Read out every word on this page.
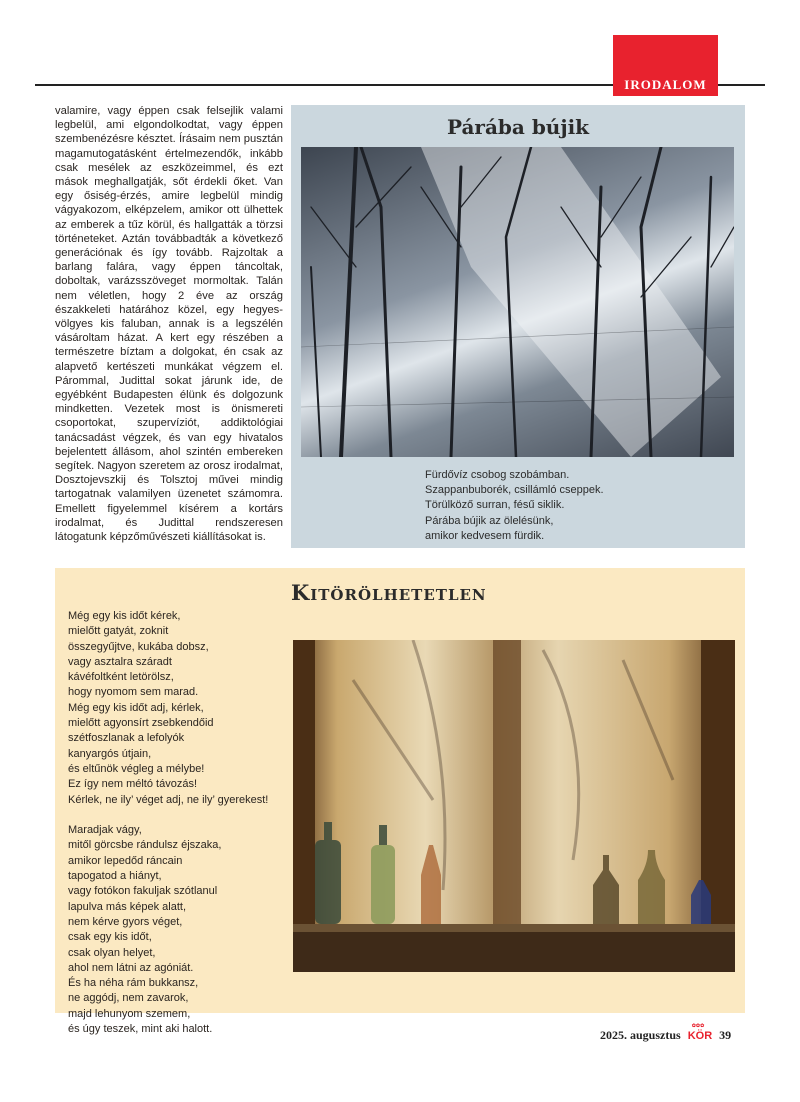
IRODALOM
valamire, vagy éppen csak felsejlik valami legbelül, ami elgondolkodtat, vagy éppen szembenézésre késztet. Írásaim nem pusztán magamutogatásként értelmezendők, inkább csak mesélek az eszközeimmel, és ezt mások meghallgatják, sőt érdekli őket. Van egy ősiség-érzés, amire legbelül mindig vágyakozom, elképzelem, amikor ott ülhettek az emberek a tűz körül, és hallgatták a törzsi történeteket. Aztán továbbadták a következő generációnak és így tovább. Rajzoltak a barlang falára, vagy éppen táncoltak, doboltak, varázsszöveget mormoltak. Talán nem véletlen, hogy 2 éve az ország északkeleti határához közel, egy hegyes-völgyes kis faluban, annak is a legszélén vásároltam házat. A kert egy részében a természetre bíztam a dolgokat, én csak az alapvető kertészeti munkákat végzem el. Párommal, Judittal sokat járunk ide, de egyébként Budapesten élünk és dolgozunk mindketten. Vezetek most is önismereti csoportokat, szupervíziót, addiktológiai tanácsadást végzek, és van egy hivatalos bejelentett állásom, ahol szintén embereken segítek. Nagyon szeretem az orosz irodalmat, Dosztojevszkij és Tolsztoj művei mindig tartogatnak valamilyen üzenetet számomra. Emellett figyelemmel kísérem a kortárs irodalmat, és Judittal rendszeresen látogatunk képzőművészeti kiállításokat is.
Párába bújik
Fürdővíz csobog szobámban.
Szappanbuborék, csillámló cseppek.
Törülköző surran, fésű siklik.
Párába bújik az ölelésünk,
amikor kedvesem fürdik.
Kitörölhetetlen
Még egy kis időt kérek,
mielőtt gatyát, zoknit
összegyűjtve, kukába dobsz,
vagy asztalra száradt
kávéfoltként letörölsz,
hogy nyomom sem marad.
Még egy kis időt adj, kérlek,
mielőtt agyonsírt zsebkendőid
szétfoszlanak a lefolyók
kanyargós útjain,
és eltűnök végleg a mélybe!
Ez így nem méltó távozás!
Kérlek, ne ily’ véget adj, ne ily’ gyerekest!
Maradjak vágy,
mitől görcsbe rándulsz éjszaka,
amikor lepedőd ráncain
tapogatod a hiányt,
vagy fotókon fakuljak szótlanul
lapulva más képek alatt,
nem kérve gyors véget,
csak egy kis időt,
csak olyan helyet,
ahol nem látni az agóniát.
És ha néha rám bukkansz,
ne aggódj, nem zavarok,
majd lehunyom szemem,
és úgy teszek, mint aki halott.	2025. augusztus
✿✿✿
KÖR 39
